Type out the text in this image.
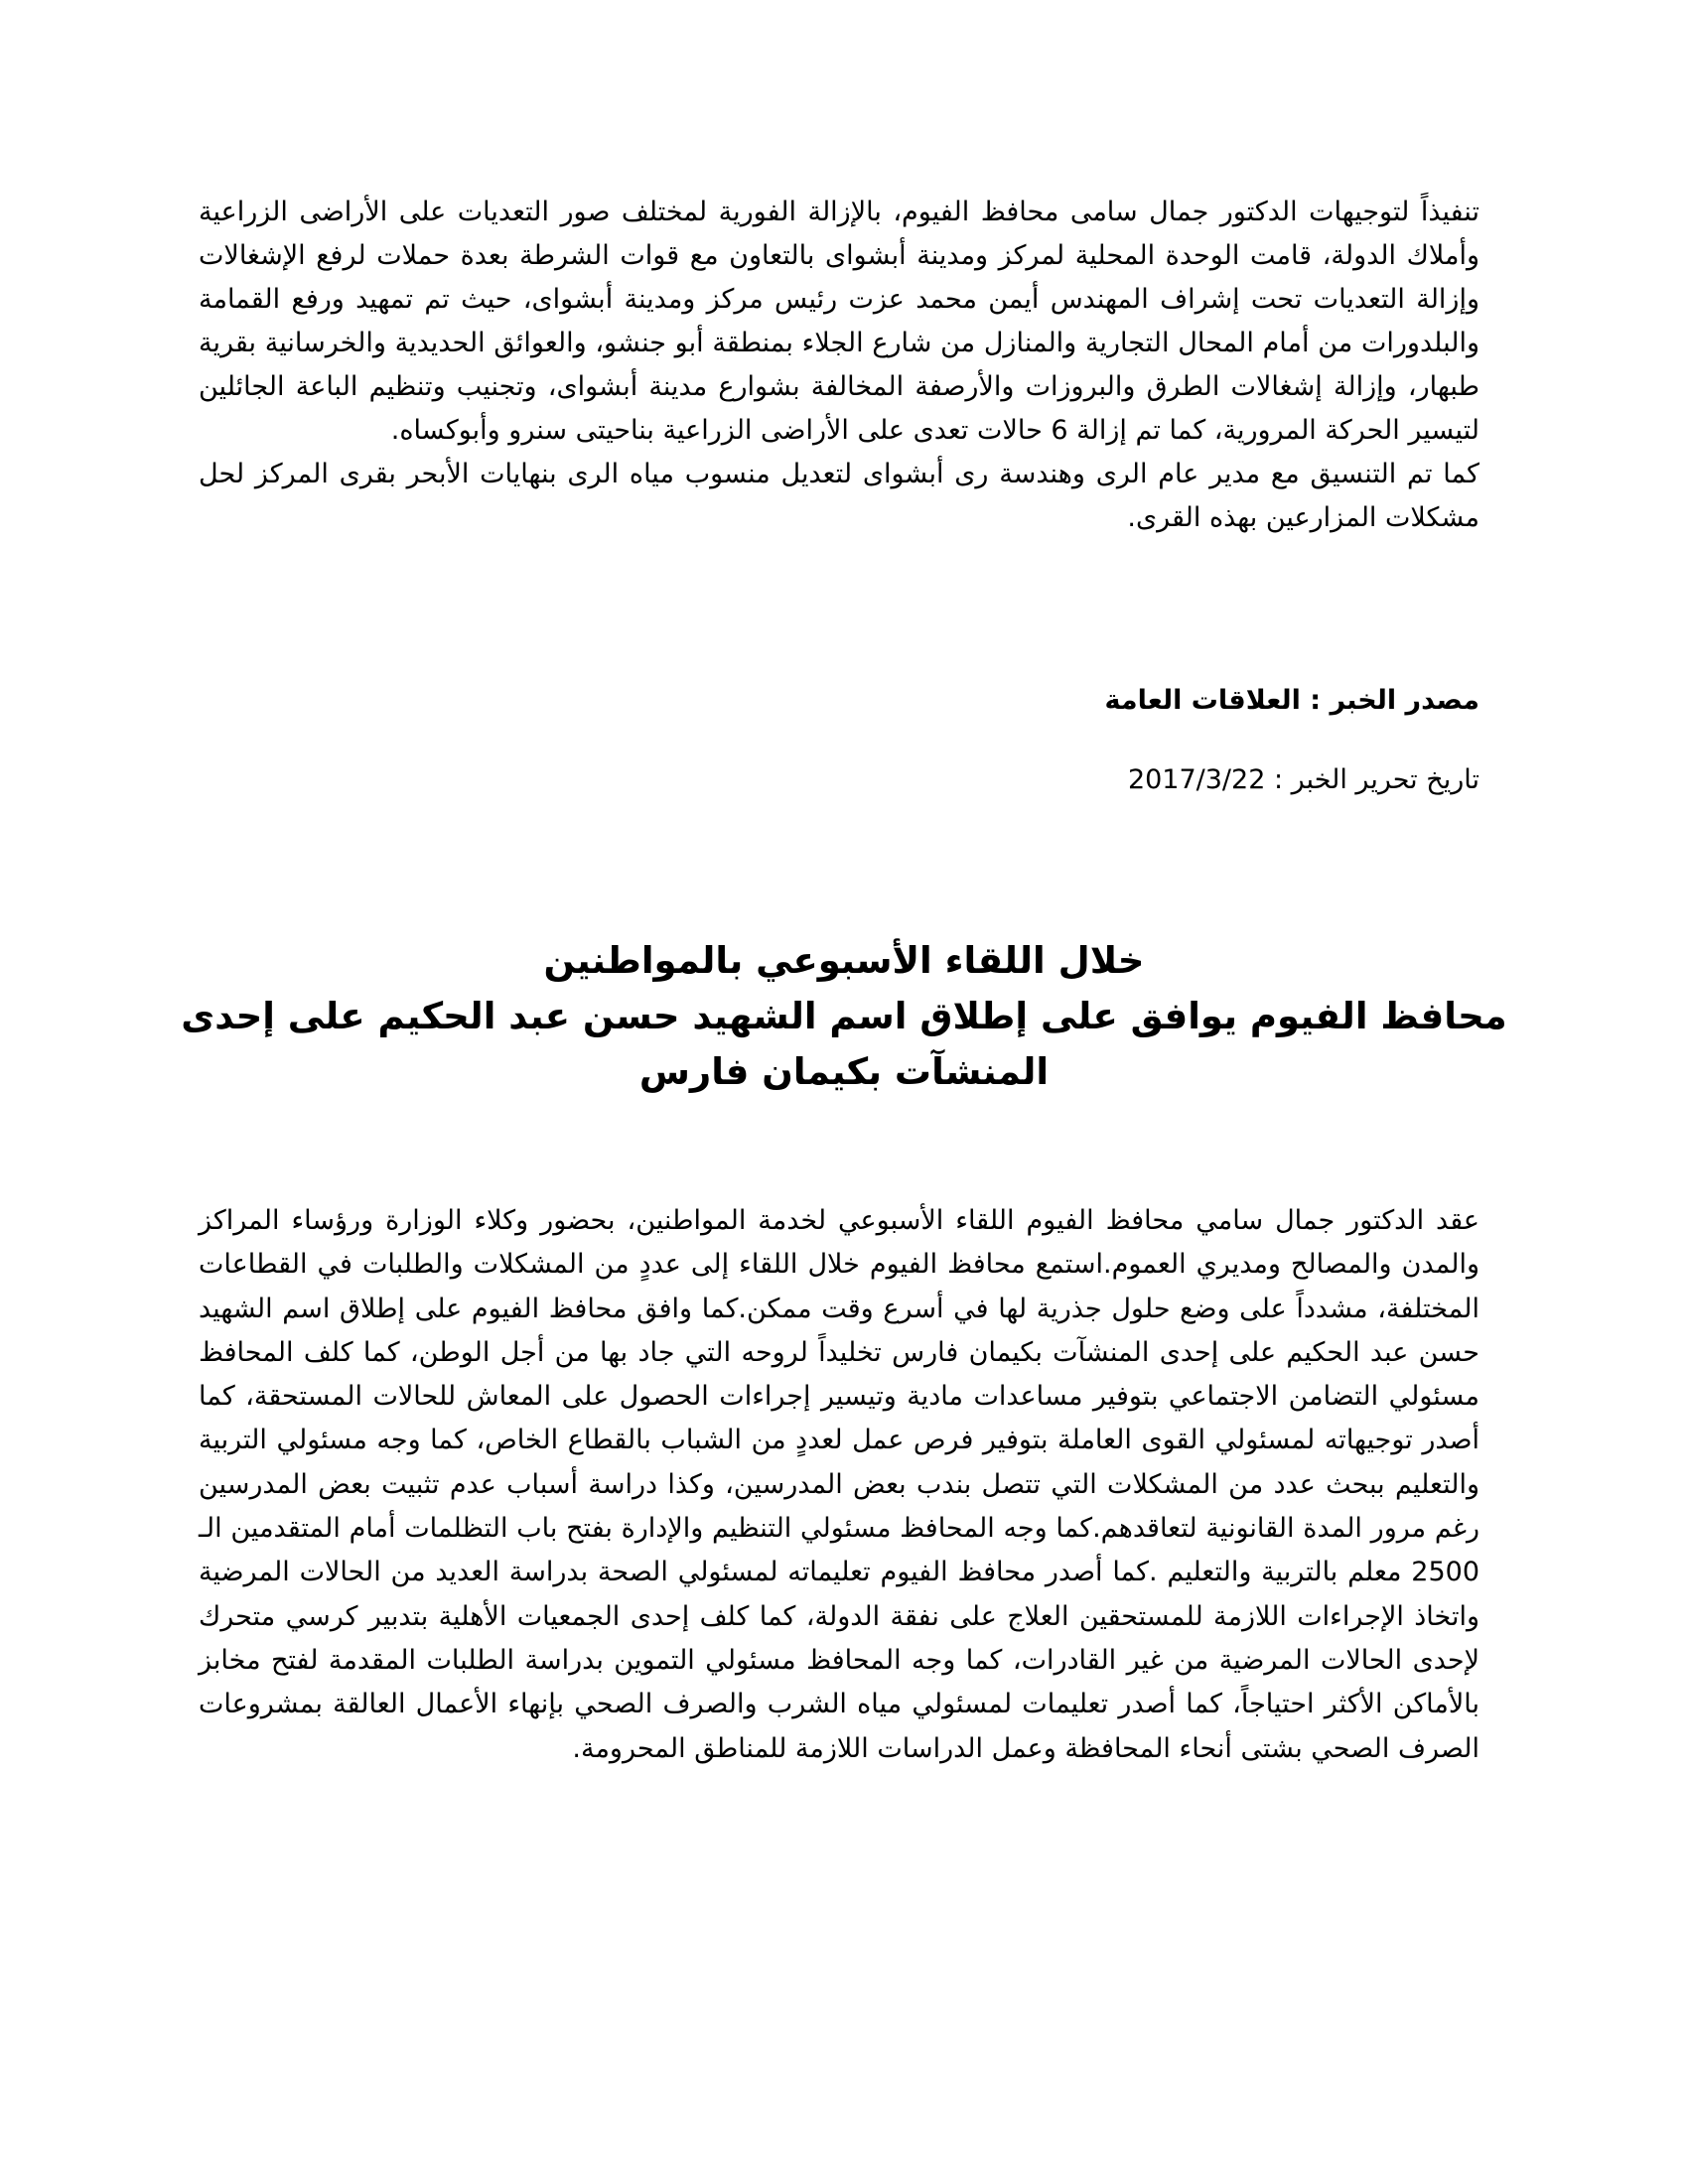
تنفيذاً لتوجيهات الدكتور جمال سامى محافظ الفيوم، بالإزالة الفورية لمختلف صور التعديات على الأراضى الزراعية وأملاك الدولة، قامت الوحدة المحلية لمركز ومدينة أبشواى بالتعاون مع قوات الشرطة بعدة حملات لرفع الإشغالات وإزالة التعديات تحت إشراف المهندس أيمن محمد عزت رئيس مركز ومدينة أبشواى، حيث تم تمهيد ورفع القمامة والبلدورات من أمام المحال التجارية والمنازل من شارع الجلاء بمنطقة أبو جنشو، والعوائق الحديدية والخرسانية بقرية طبهار، وإزالة إشغالات الطرق والبروزات والأرصفة المخالفة بشوارع مدينة أبشواى، وتجنيب وتنظيم الباعة الجائلين لتيسير الحركة المرورية، كما تم إزالة 6 حالات تعدى على الأراضى الزراعية بناحيتى سنرو وأبوكساه.

كما تم التنسيق مع مدير عام الرى وهندسة رى أبشواى لتعديل منسوب مياه الرى بنهايات الأبحر بقرى المركز لحل مشكلات المزارعين بهذه القرى.

مصدر الخبر : العلاقات العامة

تاريخ تحرير الخبر : 2017/3/22

خلال اللقاء الأسبوعي بالمواطنين
محافظ الفيوم يوافق على إطلاق اسم الشهيد حسن عبد الحكيم على إحدى المنشآت بكيمان فارس

عقد الدكتور جمال سامي محافظ الفيوم اللقاء الأسبوعي لخدمة المواطنين، بحضور وكلاء الوزارة ورؤساء المراكز والمدن والمصالح ومديري العموم.استمع محافظ الفيوم خلال اللقاء إلى عددٍ من المشكلات والطلبات في القطاعات المختلفة، مشدداً على وضع حلول جذرية لها في أسرع وقت ممكن.كما وافق محافظ الفيوم على إطلاق اسم الشهيد حسن عبد الحكيم على إحدى المنشآت بكيمان فارس تخليداً لروحه التي جاد بها من أجل الوطن، كما كلف المحافظ مسئولي التضامن الاجتماعي بتوفير مساعدات مادية وتيسير إجراءات الحصول على المعاش للحالات المستحقة، كما أصدر توجيهاته لمسئولي القوى العاملة بتوفير فرص عمل لعددٍ من الشباب بالقطاع الخاص، كما وجه مسئولي التربية والتعليم ببحث عدد من المشكلات التي تتصل بندب بعض المدرسين، وكذا دراسة أسباب عدم تثبيت بعض المدرسين رغم مرور المدة القانونية لتعاقدهم.كما وجه المحافظ مسئولي التنظيم والإدارة بفتح باب التظلمات أمام المتقدمين الـ 2500 معلم بالتربية والتعليم .كما أصدر محافظ الفيوم تعليماته لمسئولي الصحة بدراسة العديد من الحالات المرضية واتخاذ الإجراءات اللازمة للمستحقين العلاج على نفقة الدولة، كما كلف إحدى الجمعيات الأهلية بتدبير كرسي متحرك لإحدى الحالات المرضية من غير القادرات، كما وجه المحافظ مسئولي التموين بدراسة الطلبات المقدمة لفتح مخابز بالأماكن الأكثر احتياجاً، كما أصدر تعليمات لمسئولي مياه الشرب والصرف الصحي بإنهاء الأعمال العالقة بمشروعات الصرف الصحي بشتى أنحاء المحافظة وعمل الدراسات اللازمة للمناطق المحرومة.
